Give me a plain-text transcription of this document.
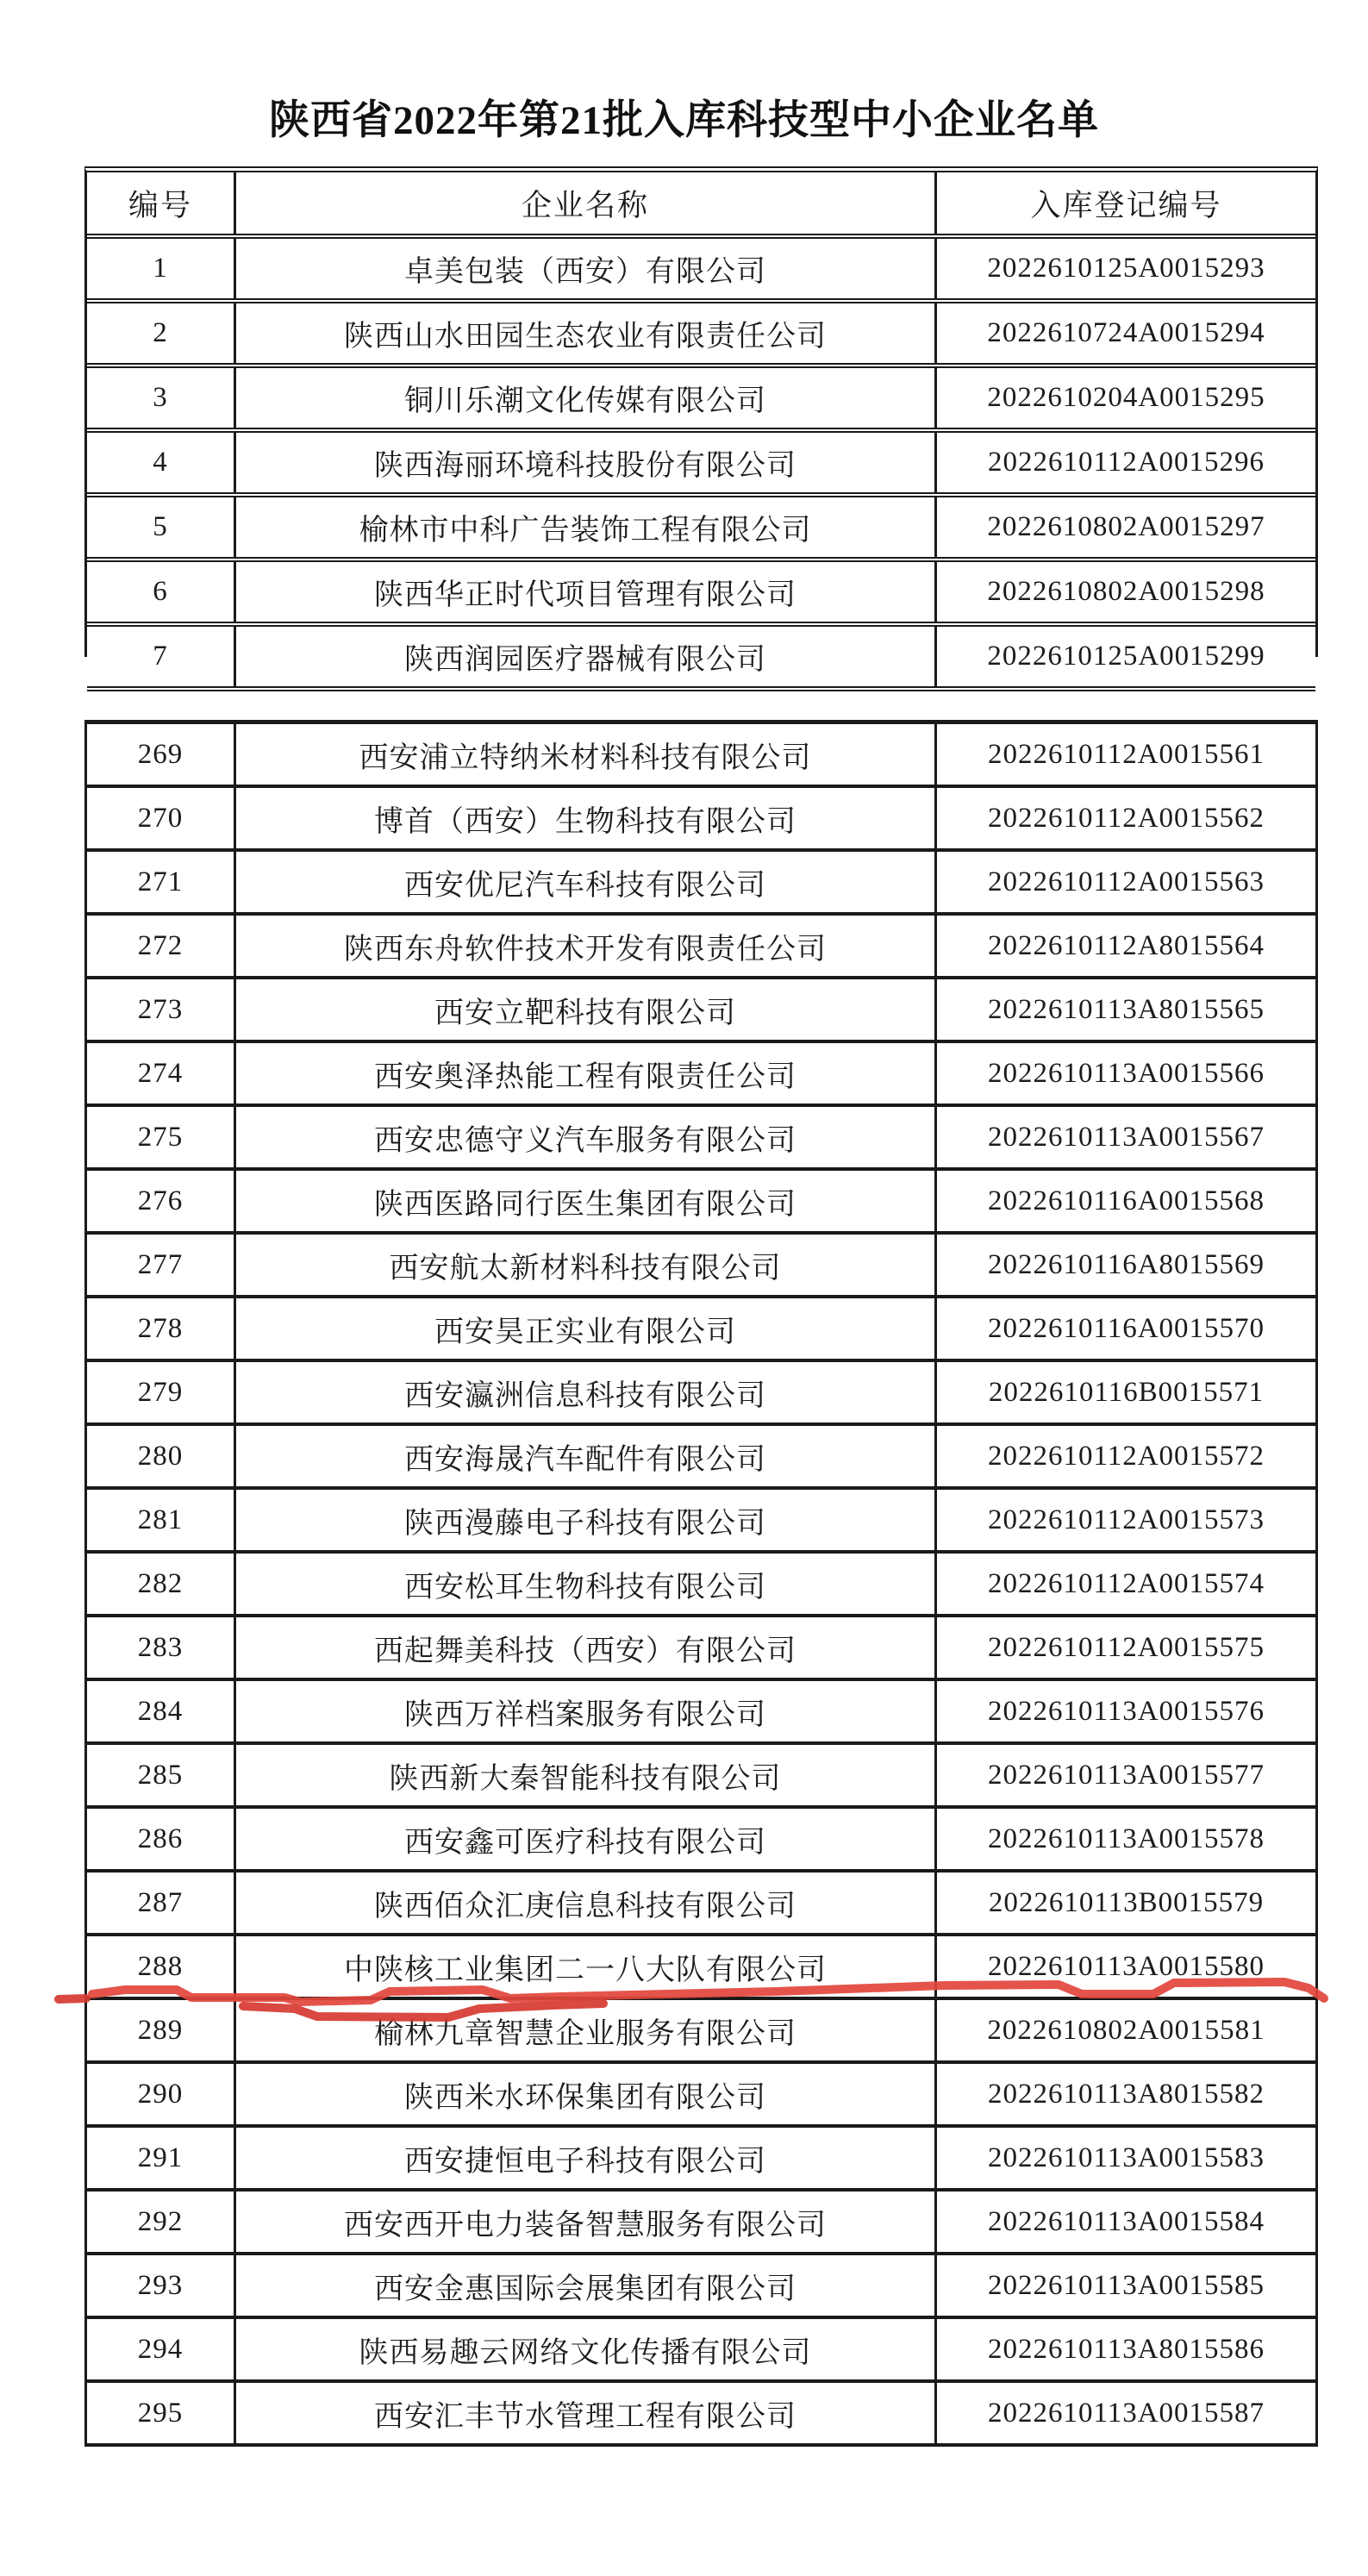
陕西省2022年第21批入库科技型中小企业名单
编号	企业名称	入库登记编号
1	卓美包装（西安）有限公司	2022610125A0015293
2	陕西山水田园生态农业有限责任公司	2022610724A0015294
3	铜川乐潮文化传媒有限公司	2022610204A0015295
4	陕西海丽环境科技股份有限公司	2022610112A0015296
5	榆林市中科广告装饰工程有限公司	2022610802A0015297
6	陕西华正时代项目管理有限公司	2022610802A0015298
7	陕西润园医疗器械有限公司	2022610125A0015299
269	西安浦立特纳米材料科技有限公司	2022610112A0015561
270	博首（西安）生物科技有限公司	2022610112A0015562
271	西安优尼汽车科技有限公司	2022610112A0015563
272	陕西东舟软件技术开发有限责任公司	2022610112A8015564
273	西安立靶科技有限公司	2022610113A8015565
274	西安奥泽热能工程有限责任公司	2022610113A0015566
275	西安忠德守义汽车服务有限公司	2022610113A0015567
276	陕西医路同行医生集团有限公司	2022610116A0015568
277	西安航太新材料科技有限公司	2022610116A8015569
278	西安昊正实业有限公司	2022610116A0015570
279	西安瀛洲信息科技有限公司	2022610116B0015571
280	西安海晟汽车配件有限公司	2022610112A0015572
281	陕西漫藤电子科技有限公司	2022610112A0015573
282	西安松耳生物科技有限公司	2022610112A0015574
283	西起舞美科技（西安）有限公司	2022610112A0015575
284	陕西万祥档案服务有限公司	2022610113A0015576
285	陕西新大秦智能科技有限公司	2022610113A0015577
286	西安鑫可医疗科技有限公司	2022610113A0015578
287	陕西佰众汇庚信息科技有限公司	2022610113B0015579
288	中陕核工业集团二一八大队有限公司	2022610113A0015580
289	榆林九章智慧企业服务有限公司	2022610802A0015581
290	陕西米水环保集团有限公司	2022610113A8015582
291	西安捷恒电子科技有限公司	2022610113A0015583
292	西安西开电力装备智慧服务有限公司	2022610113A0015584
293	西安金惠国际会展集团有限公司	2022610113A0015585
294	陕西易趣云网络文化传播有限公司	2022610113A8015586
295	西安汇丰节水管理工程有限公司	2022610113A0015587
